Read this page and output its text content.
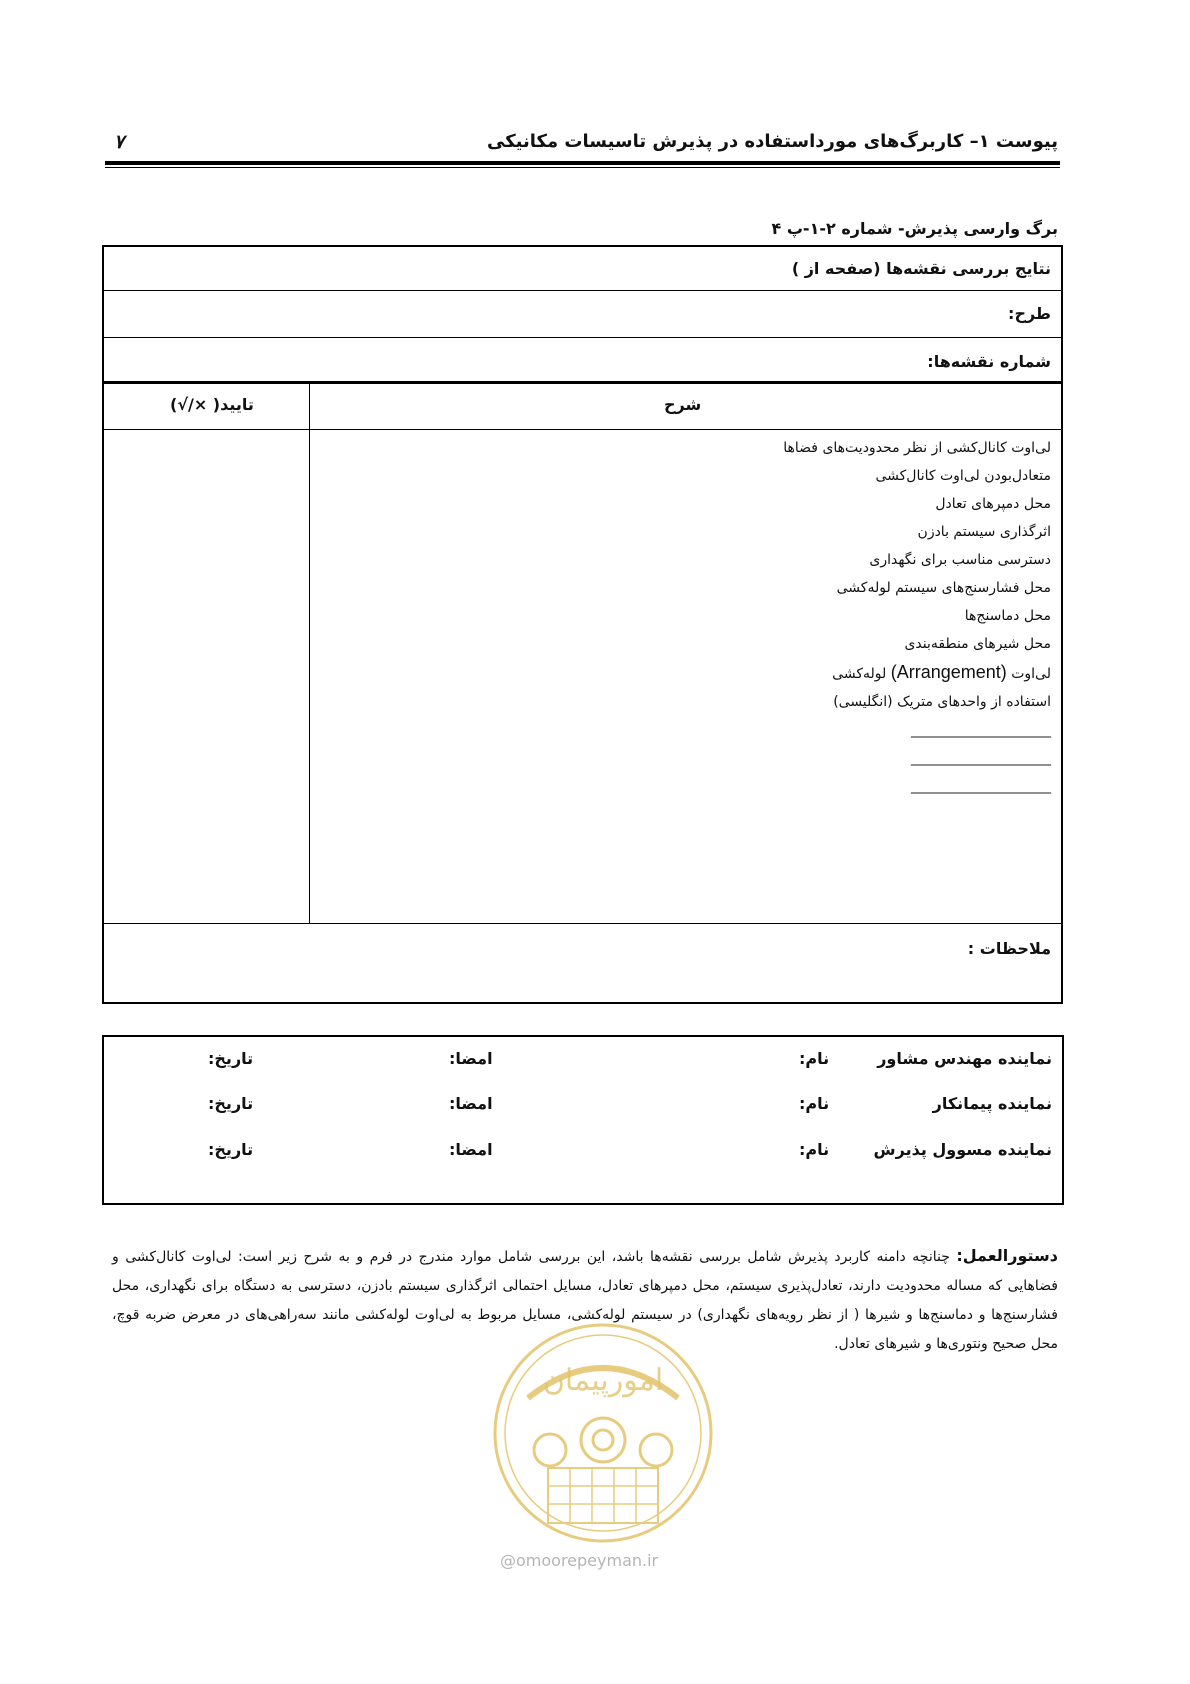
پیوست ۱– کاربرگ‌های مورداستفاده در پذیرش تاسیسات مکانیکی
۷
برگ وارسی پذیرش- شماره ۲-۱-پ ۴
نتایج بررسی نقشه‌ها (صفحه از )
طرح:
شماره نقشه‌ها:
شرح
تایید( ×/√)
لی‌اوت کانال‌کشی از نظر محدودیت‌های فضاها
متعادل‌بودن لی‌اوت کانال‌کشی
محل دمپرهای تعادل
اثرگذاری سیستم بادزن
دسترسی مناسب برای نگهداری
محل فشارسنج‌های سیستم لوله‌کشی
محل دماسنج‌ها
محل شیرهای منطقه‌بندی
لی‌اوت (Arrangement) لوله‌کشی
استفاده از واحدهای متریک (انگلیسی)
____________________
____________________
____________________
ملاحظات :
نماینده مهندس مشاور
نام:
امضا:
تاریخ:
نماینده پیمانکار
نام:
امضا:
تاریخ:
نماینده مسوول پذیرش
نام:
امضا:
تاریخ:
دستورالعمل: چنانچه دامنه کاربرد پذیرش شامل بررسی نقشه‌ها باشد، این بررسی شامل موارد مندرج در فرم و به شرح زیر است: لی‌اوت کانال‌کشی و فضاهایی که مساله محدودیت دارند، تعادل‌پذیری سیستم، محل دمپرهای تعادل، مسایل احتمالی اثرگذاری سیستم بادزن، دسترسی به دستگاه برای نگهداری، محل فشارسنج‌ها و دماسنج‌ها و شیرها ( از نظر رویه‌های نگهداری) در سیستم لوله‌کشی، مسایل مربوط به لی‌اوت لوله‌کشی مانند سه‌راهی‌های در معرض ضربه قوچ، محل صحیح ونتوری‌ها و شیرهای تعادل.
امورپیمان
@omoorepeyman.ir
